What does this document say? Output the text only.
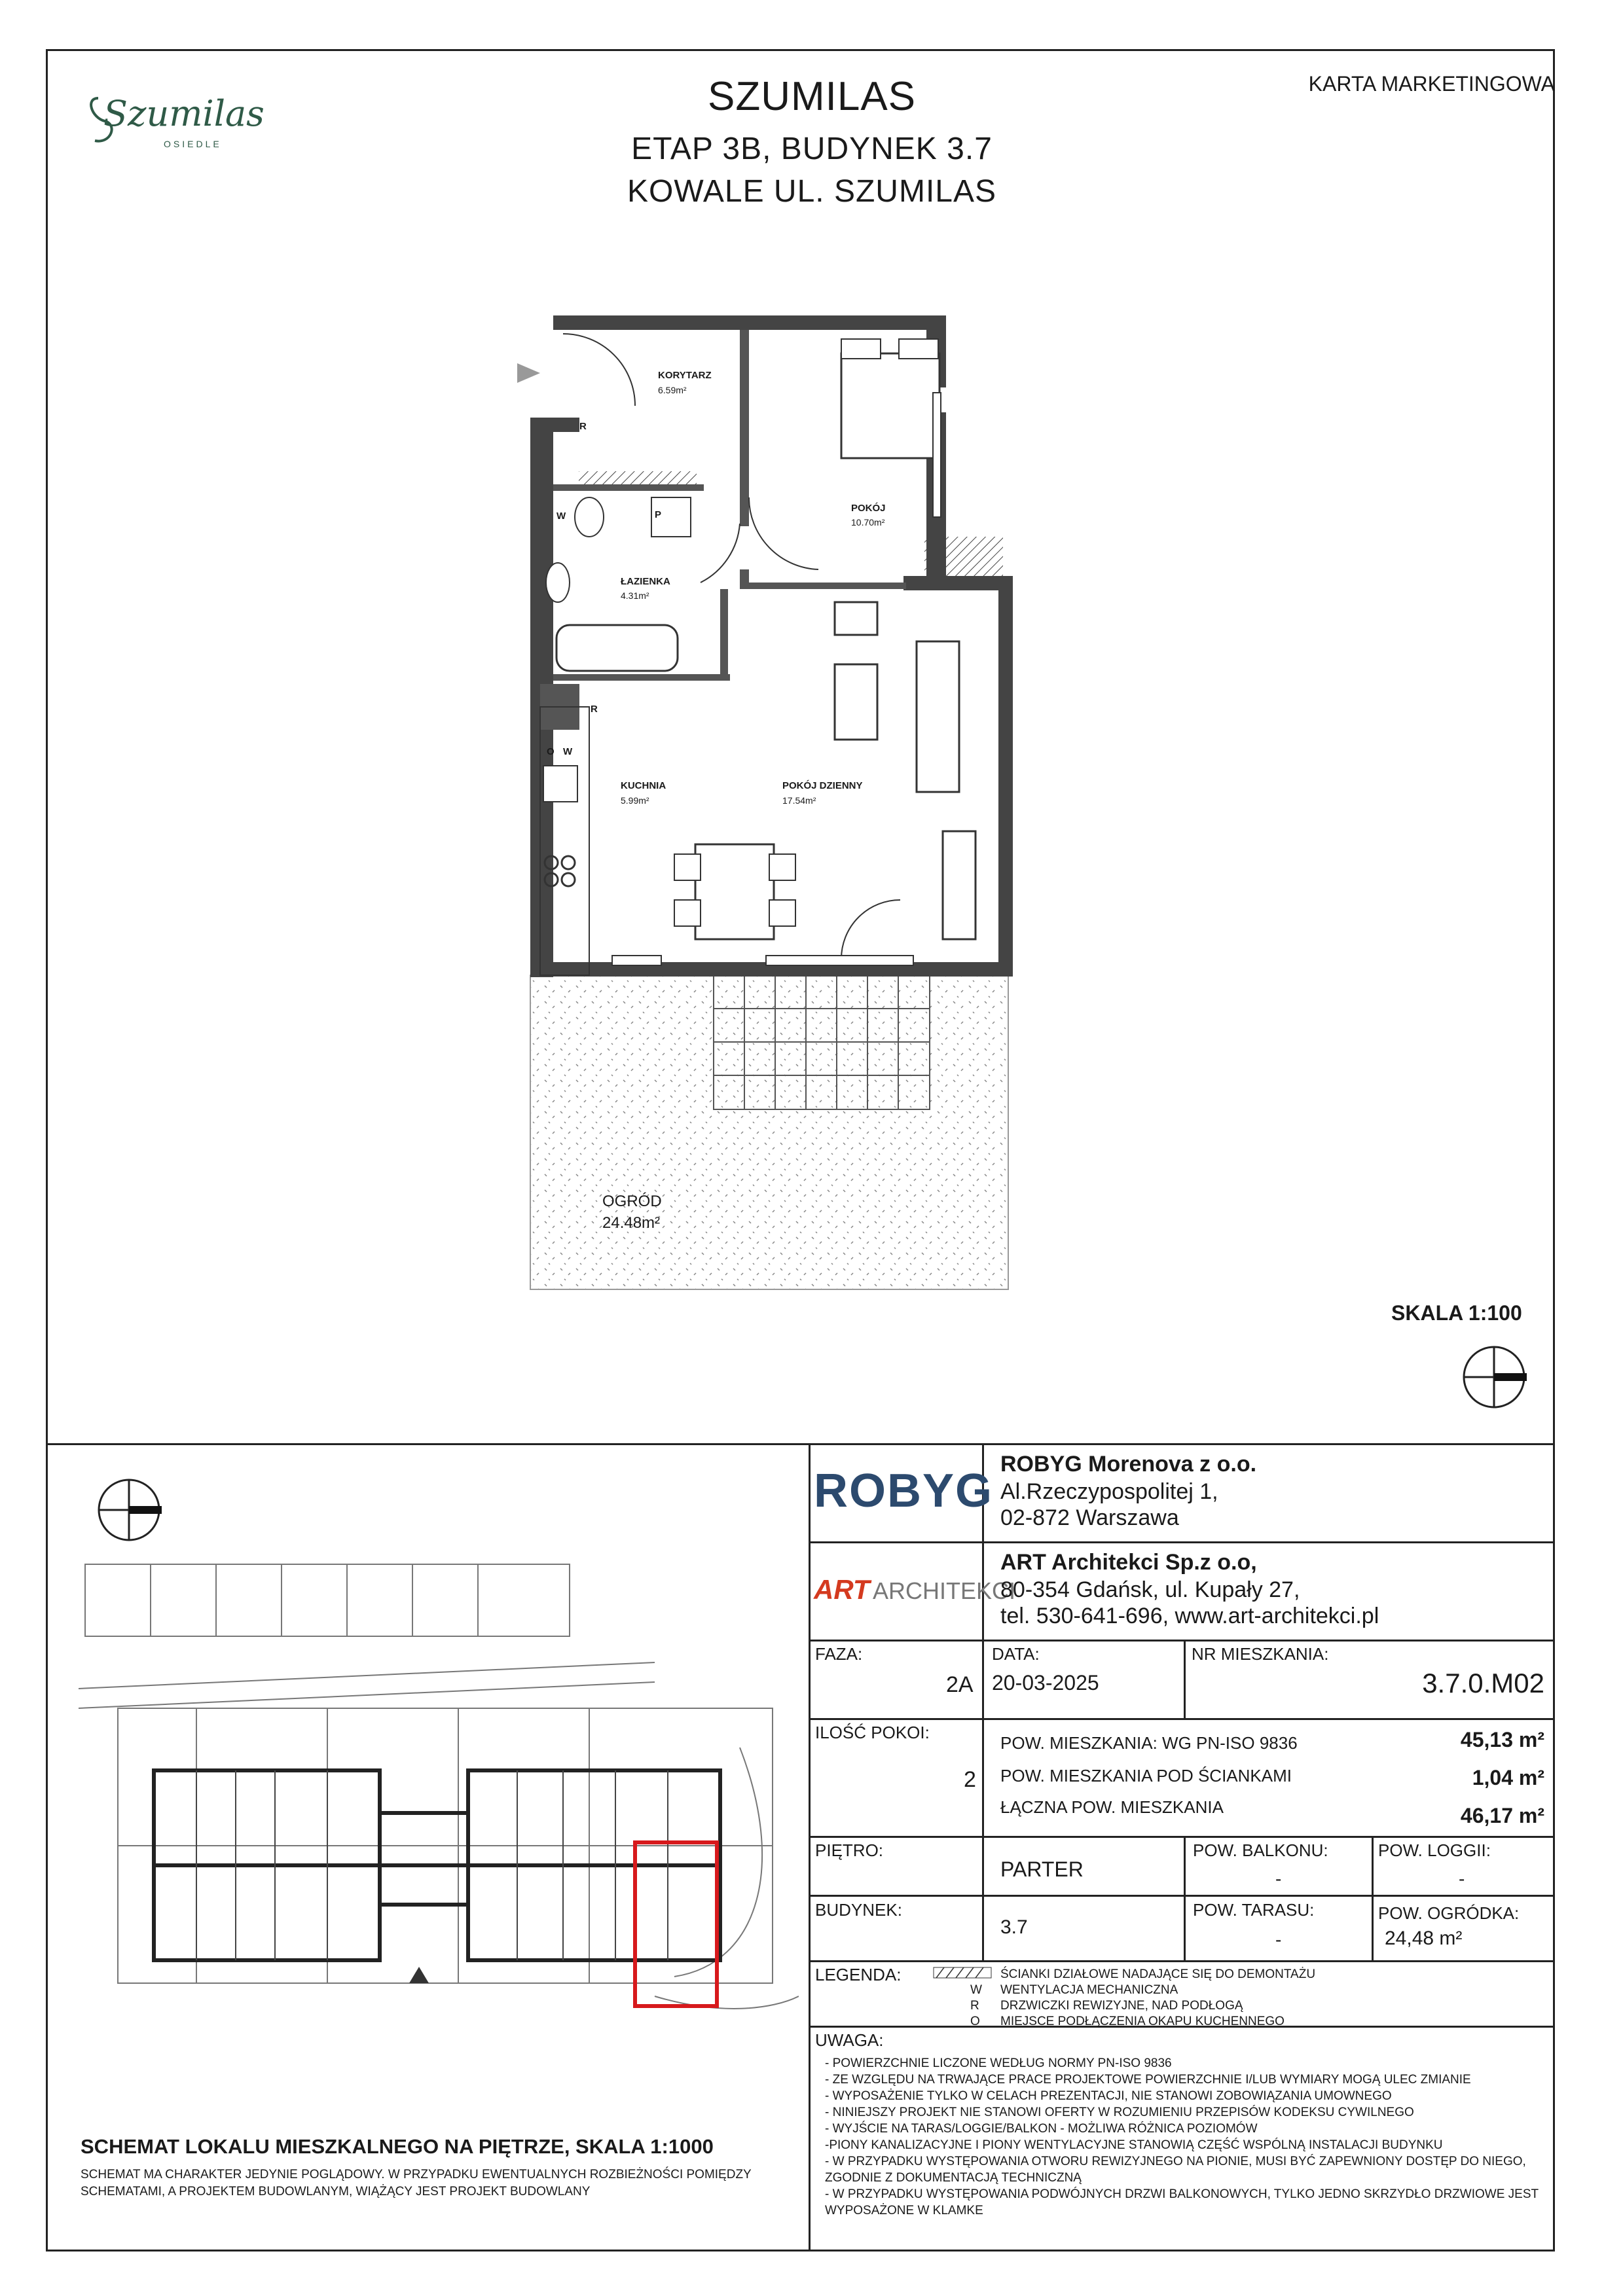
Szumilas
OSIEDLE
SZUMILAS
ETAP 3B, BUDYNEK 3.7
KOWALE UL. SZUMILAS
KARTA MARKETINGOWA
KORYTARZ
6.59m²
POKÓJ
10.70m²
ŁAZIENKA
4.31m²
KUCHNIA
5.99m²
POKÓJ DZIENNY
17.54m²
R
P
R
W
W
O
OGRÓD
24.48m²
SKALA 1:100
ROBYG
ROBYG Morenova z o.o.
Al.Rzeczypospolitej 1,
02-872 Warszawa
ART ARCHITEKCI
ART Architekci Sp.z o.o,
80-354 Gdańsk, ul. Kupały 27,
tel. 530-641-696, www.art-architekci.pl
FAZA:
2A
DATA:
20-03-2025
NR MIESZKANIA:
3.7.0.M02
ILOŚĆ POKOI:
2
POW. MIESZKANIA: WG PN-ISO 9836	45,13 m²
POW. MIESZKANIA POD ŚCIANKAMI	1,04 m²
ŁĄCZNA POW. MIESZKANIA	46,17 m²
PIĘTRO:
PARTER
POW. BALKONU:
-
POW. LOGGII:
-
BUDYNEK:
3.7
POW. TARASU:
-
POW. OGRÓDKA:
24,48 m²
LEGENDA:	ŚCIANKI DZIAŁOWE NADAJĄCE SIĘ DO DEMONTAŻU
W WENTYLACJA MECHANICZNA
R DRZWICZKI REWIZYJNE, NAD PODŁOGĄ
O MIEJSCE PODŁĄCZENIA OKAPU KUCHENNEGO
UWAGA:
- POWIERZCHNIE LICZONE WEDŁUG NORMY PN-ISO 9836
- ZE WZGLĘDU NA TRWAJĄCE PRACE PROJEKTOWE POWIERZCHNIE I/LUB WYMIARY MOGĄ ULEC ZMIANIE
- WYPOSAŻENIE TYLKO W CELACH PREZENTACJI, NIE STANOWI ZOBOWIĄZANIA UMOWNEGO
- NINIEJSZY PROJEKT NIE STANOWI OFERTY W ROZUMIENIU PRZEPISÓW KODEKSU CYWILNEGO
- WYJŚCIE NA TARAS/LOGGIE/BALKON - MOŻLIWA RÓŻNICA POZIOMÓW
-PIONY KANALIZACYJNE I PIONY WENTYLACYJNE STANOWIĄ CZĘŚĆ WSPÓLNĄ INSTALACJI BUDYNKU
- W PRZYPADKU WYSTĘPOWANIA OTWORU REWIZYJNEGO NA PIONIE, MUSI BYĆ ZAPEWNIONY DOSTĘP DO NIEGO,
ZGODNIE Z DOKUMENTACJĄ TECHNICZNĄ
- W PRZYPADKU WYSTĘPOWANIA PODWÓJNYCH DRZWI BALKONOWYCH, TYLKO JEDNO SKRZYDŁO DRZWIOWE JEST
WYPOSAŻONE W KLAMKE
SCHEMAT LOKALU MIESZKALNEGO NA PIĘTRZE, SKALA 1:1000
SCHEMAT MA CHARAKTER JEDYNIE POGLĄDOWY. W PRZYPADKU EWENTUALNYCH ROZBIEŻNOŚCI POMIĘDZY
SCHEMATAMI, A PROJEKTEM BUDOWLANYM, WIĄŻĄCY JEST PROJEKT BUDOWLANY
